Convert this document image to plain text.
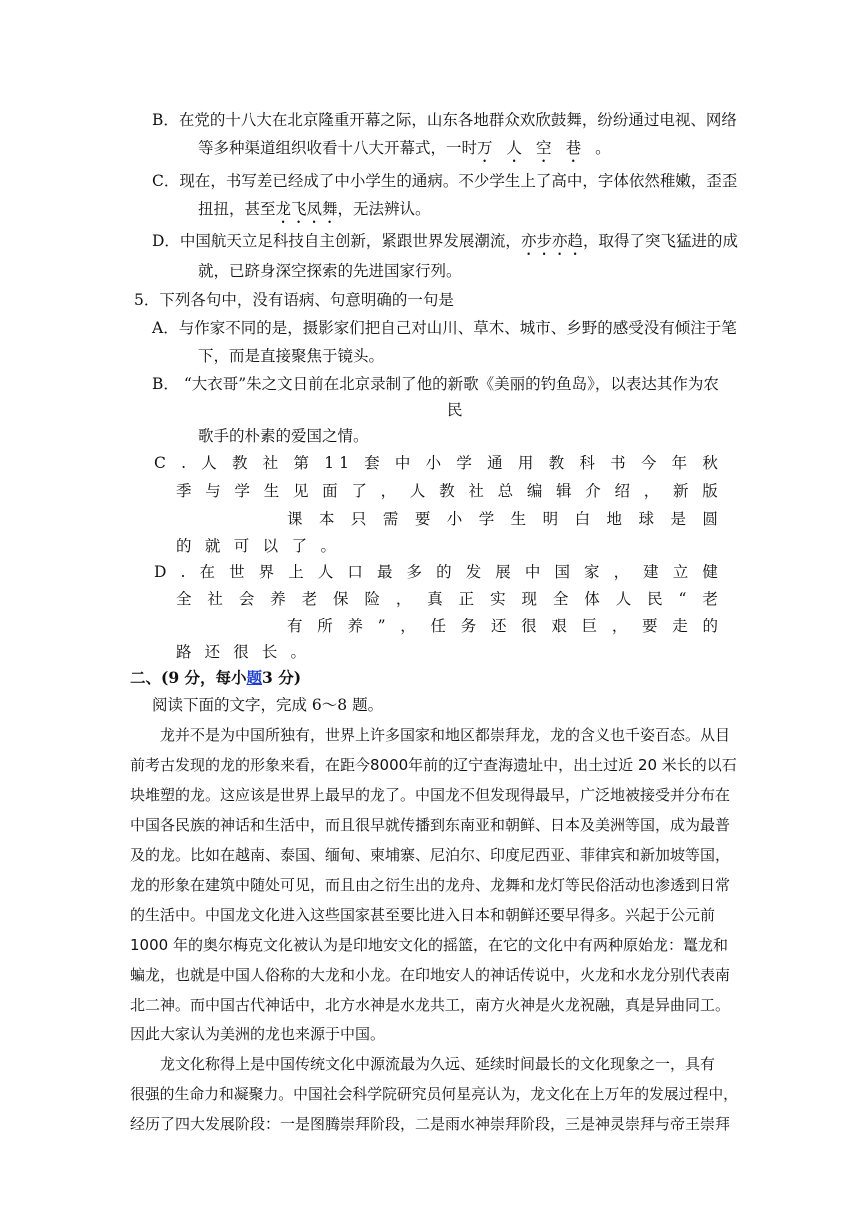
B．在党的十八大在北京隆重开幕之际，山东各地群众欢欣鼓舞，纷纷通过电视、网络
等多种渠道组织收看十八大开幕式，一时万 人 空 巷 。
C．现在，书写差已经成了中小学生的通病。不少学生上了高中，字体依然稚嫩，歪歪
扭扭，甚至龙飞凤舞，无法辨认。
D．中国航天立足科技自主创新，紧跟世界发展潮流，亦步亦趋，取得了突飞猛进的成
就，已跻身深空探索的先进国家行列。
5．下列各句中，没有语病、句意明确的一句是
A．与作家不同的是，摄影家们把自己对山川、草木、城市、乡野的感受没有倾注于笔
下，而是直接聚焦于镜头。
B． “大衣哥”朱之文日前在北京录制了他的新歌《美丽的钓鱼岛》，以表达其作为农
民
歌手的朴素的爱国之情。
C . 人 教 社 第 1 1 套 中 小 学 通 用 教 科 书 今 年 秋
季 与 学 生 见 面 了 ， 人 教 社 总 编 辑 介 绍 ， 新 版
课 本 只 需 要 小 学 生 明 白 地 球 是 圆
的 就 可 以 了 。
D . 在 世 界 上 人 口 最 多 的 发 展 中 国 家 ， 建 立 健
全 社 会 养 老 保 险 ， 真 正 实 现 全 体 人 民 “ 老
有 所 养 ” ， 任 务 还 很 艰 巨 ， 要 走 的
路 还 很 长 。
二、(9 分，每小题3 分)
阅读下面的文字，完成 6～8 题。
龙并不是为中国所独有，世界上许多国家和地区都崇拜龙，龙的含义也千姿百态。从目
前考古发现的龙的形象来看，在距今8000年前的辽宁查海遗址中，出土过近 20 米长的以石
块堆塑的龙。这应该是世界上最早的龙了。中国龙不但发现得最早，广泛地被接受并分布在
中国各民族的神话和生活中，而且很早就传播到东南亚和朝鲜、日本及美洲等国，成为最普
及的龙。比如在越南、泰国、缅甸、柬埔寨、尼泊尔、印度尼西亚、菲律宾和新加坡等国，
龙的形象在建筑中随处可见，而且由之衍生出的龙舟、龙舞和龙灯等民俗活动也渗透到日常
的生活中。中国龙文化进入这些国家甚至要比进入日本和朝鲜还要早得多。兴起于公元前
1000 年的奥尔梅克文化被认为是印地安文化的摇篮，在它的文化中有两种原始龙：鼍龙和
蝙龙，也就是中国人俗称的大龙和小龙。在印地安人的神话传说中，火龙和水龙分别代表南
北二神。而中国古代神话中，北方水神是水龙共工，南方火神是火龙祝融，真是异曲同工。
因此大家认为美洲的龙也来源于中国。
龙文化称得上是中国传统文化中源流最为久远、延续时间最长的文化现象之一，具有
很强的生命力和凝聚力。中国社会科学院研究员何星亮认为，龙文化在上万年的发展过程中，
经历了四大发展阶段：一是图腾崇拜阶段，二是雨水神崇拜阶段，三是神灵崇拜与帝王崇拜
